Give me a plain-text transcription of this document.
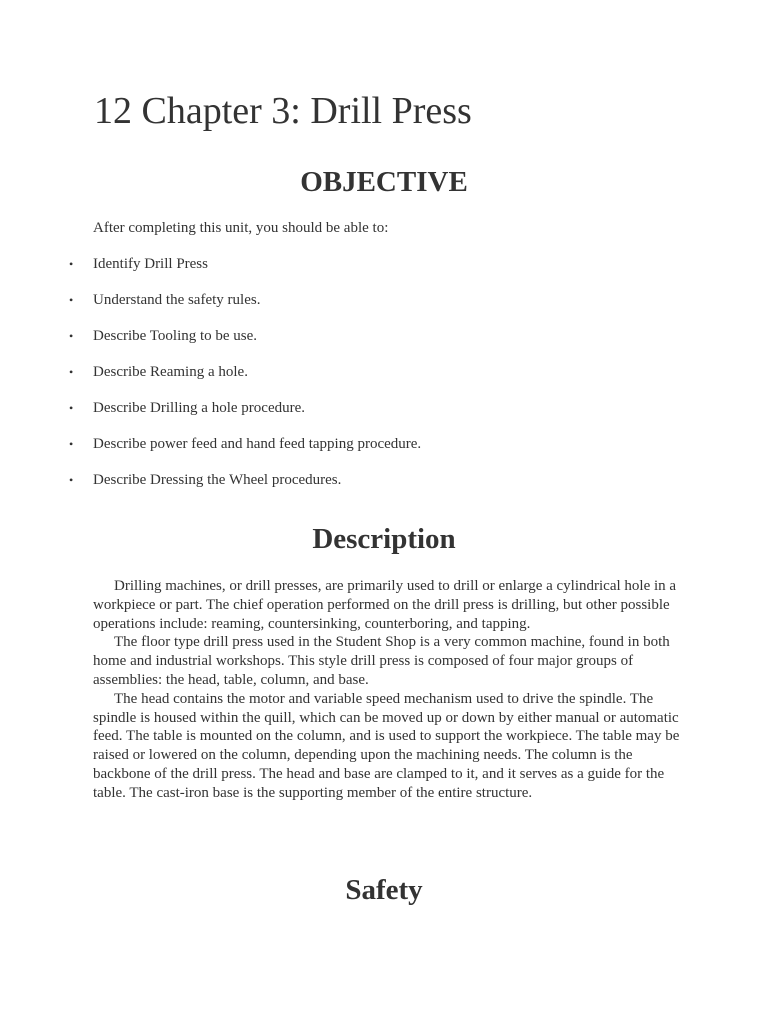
12 Chapter 3: Drill Press
OBJECTIVE

After completing this unit, you should be able to:

• Identify Drill Press
• Understand the safety rules.
• Describe Tooling to be use.
• Describe Reaming a hole.
• Describe Drilling a hole procedure.
• Describe power feed and hand feed tapping procedure.
• Describe Dressing the Wheel procedures.
Description

Drilling machines, or drill presses, are primarily used to drill or enlarge a cylindrical hole in a workpiece or part. The chief operation performed on the drill press is drilling, but other possible operations include: reaming, countersinking, counterboring, and tapping.

The floor type drill press used in the Student Shop is a very common machine, found in both home and industrial workshops. This style drill press is composed of four major groups of assemblies: the head, table, column, and base.

The head contains the motor and variable speed mechanism used to drive the spindle. The spindle is housed within the quill, which can be moved up or down by either manual or automatic feed. The table is mounted on the column, and is used to support the workpiece. The table may be raised or lowered on the column, depending upon the machining needs. The column is the backbone of the drill press. The head and base are clamped to it, and it serves as a guide for the table. The cast-iron base is the supporting member of the entire structure.

Safety
